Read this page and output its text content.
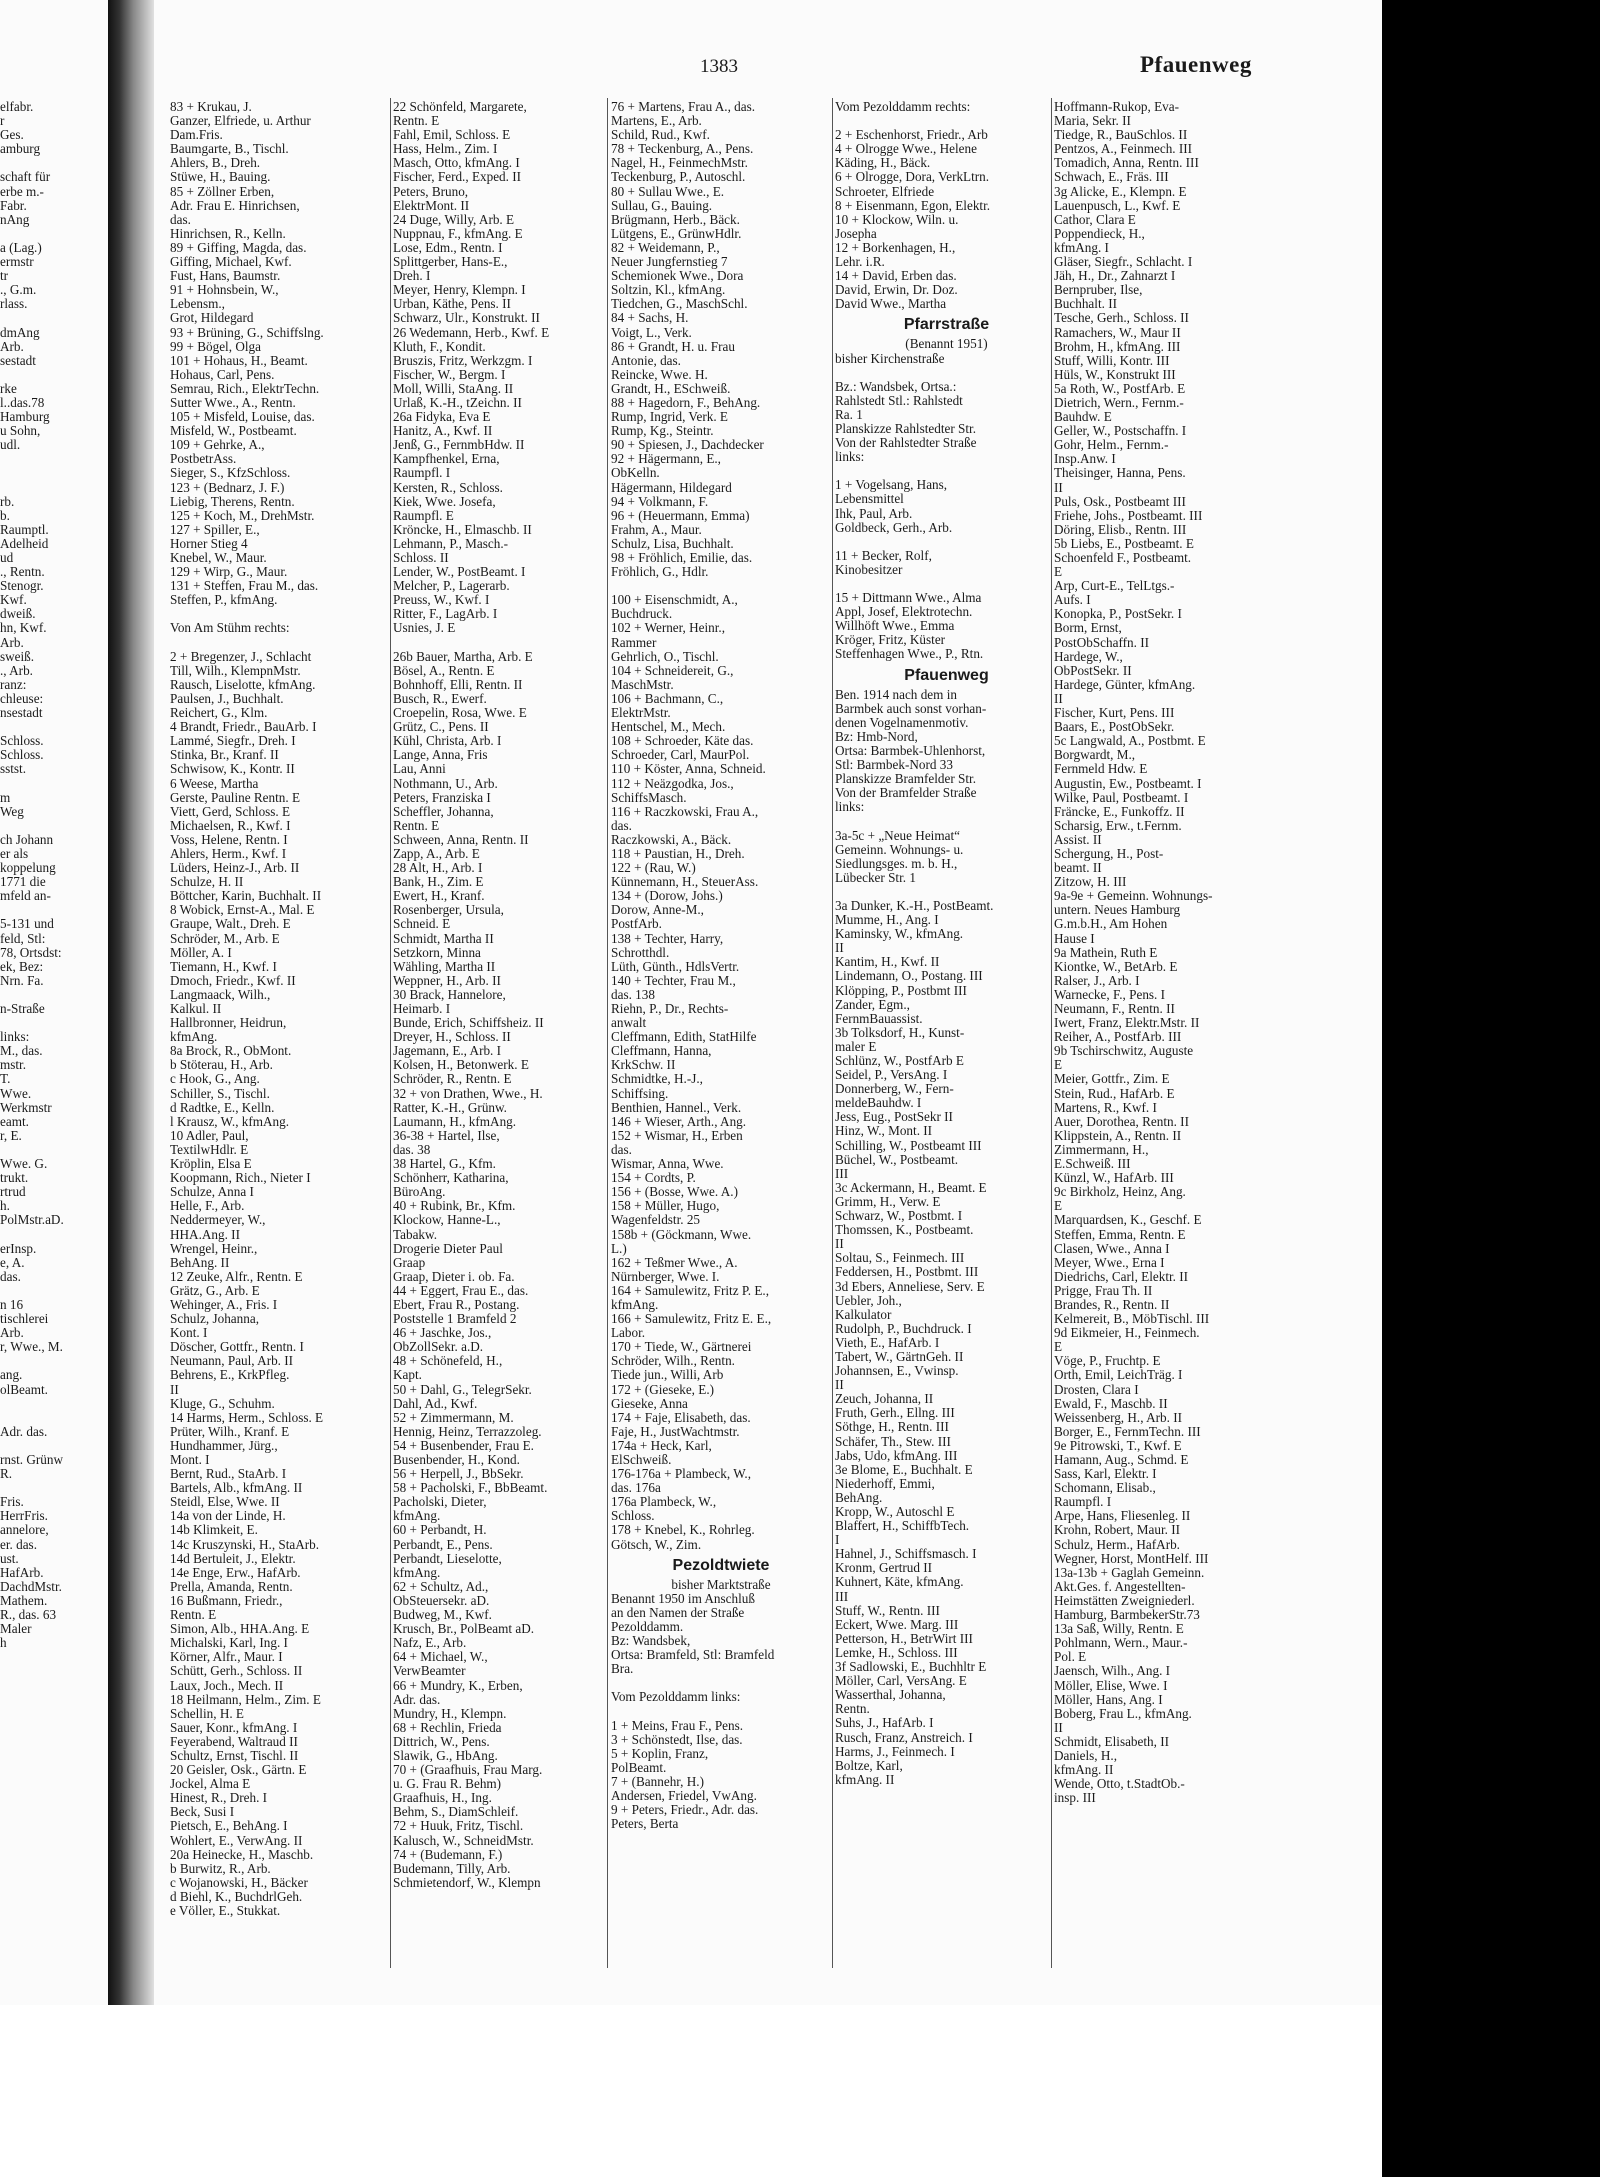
1383	Pfauenweg
elfabr.
r
Ges.
amburg

schaft für
erbe m.-
Fabr.
nAng

a (Lag.)
ermstr
tr
., G.m.
rlass.

dmAng
Arb.
sestadt

rke
l..das.78
Hamburg
u Sohn,
udl.

rb.
b.
Raumptl.
Adelheid
ud
., Rentn.
Stenogr.
Kwf.
dweiß.
hn, Kwf.
Arb.
sweiß.
., Arb.
ranz:
chleuse:
nsestadt

Schloss.
Schloss.
sstst.

m
Weg

ch Johann
er als
koppelung
1771 die
mfeld an-

5-131 und
feld, Stl:
78, Ortsdst:
ek, Bez:
Nrn. Fa.

n-Straße

links:
M., das.
mstr.
T.
Wwe.
Werkmstr
eamt.
r, E.

Wwe. G.
trukt.
rtrud
h.
PolMstr.aD.

erInsp.
e, A.
das.

n 16
tischlerei
Arb.
r, Wwe., M.

ang.
olBeamt.

Adr. das.

rnst. Grünw
R.

Fris.
HerrFris.
annelore,
er. das.
ust.
HafArb.
DachdMstr.
Mathem.
R., das. 63
Maler
h
83 + Krukau, J.
Ganzer, Elfriede, u. Arthur
Dam.Fris.
Baumgarte, B., Tischl.
Ahlers, B., Dreh.
Stüwe, H., Bauing.
85 + Zöllner Erben,
Adr. Frau E. Hinrichsen,
das.
Hinrichsen, R., Kelln.
89 + Giffing, Magda, das.
Giffing, Michael, Kwf.
Fust, Hans, Baumstr.
91 + Hohnsbein, W.,
Lebensm.,
Grot, Hildegard
93 + Brüning, G., Schiffslng.
99 + Bögel, Olga
101 + Hohaus, H., Beamt.
Hohaus, Carl, Pens.
Semrau, Rich., ElektrTechn.
Sutter Wwe., A., Rentn.
105 + Misfeld, Louise, das.
Misfeld, W., Postbeamt.
109 + Gehrke, A.,
PostbetrAss.
Sieger, S., KfzSchloss.
123 + (Bednarz, J. F.)
Liebig, Therens, Rentn.
125 + Koch, M., DrehMstr.
127 + Spiller, E.,
Horner Stieg 4
Knebel, W., Maur.
129 + Wirp, G., Maur.
131 + Steffen, Frau M., das.
Steffen, P., kfmAng.

Von Am Stühm rechts:

2 + Bregenzer, J., Schlacht
Till, Wilh., KlempnMstr.
Rausch, Liselotte, kfmAng.
Paulsen, J., Buchhalt.
Reichert, G., Klm.
4 Brandt, Friedr., BauArb. I
Lammé, Siegfr., Dreh. I
Stinka, Br., Kranf. II
Schwisow, K., Kontr. II
6 Weese, Martha
Gerste, Pauline Rentn. E
Viett, Gerd, Schloss. E
Michaelsen, R., Kwf. I
Voss, Helene, Rentn. I
Ahlers, Herm., Kwf. I
Lüders, Heinz-J., Arb. II
Schulze, H. II
Böttcher, Karin, Buchhalt. II
8 Wobick, Ernst-A., Mal. E
Graupe, Walt., Dreh. E
Schröder, M., Arb. E
Möller, A. I
Tiemann, H., Kwf. I
Dmoch, Friedr., Kwf. II
Langmaack, Wilh.,
Kalkul. II
Hallbronner, Heidrun,
kfmAng.
8a Brock, R., ObMont.
b Stöterau, H., Arb.
c Hook, G., Ang.
Schiller, S., Tischl.
d Radtke, E., Kelln.
l Krausz, W., kfmAng.
10 Adler, Paul,
TextilwHdlr. E
Kröplin, Elsa E
Koopmann, Rich., Nieter I
Schulze, Anna I
Helle, F., Arb.
Neddermeyer, W.,
HHA.Ang. II
Wrengel, Heinr.,
BehAng. II
12 Zeuke, Alfr., Rentn. E
Grätz, G., Arb. E
Wehinger, A., Fris. I
Schulz, Johanna,
Kont. I
Döscher, Gottfr., Rentn. I
Neumann, Paul, Arb. II
Behrens, E., KrkPfleg.
II
Kluge, G., Schuhm.
14 Harms, Herm., Schloss. E
Prüter, Wilh., Kranf. E
Hundhammer, Jürg.,
Mont. I
Bernt, Rud., StaArb. I
Bartels, Alb., kfmAng. II
Steidl, Else, Wwe. II
14a von der Linde, H.
14b Klimkeit, E.
14c Kruszynski, H., StaArb.
14d Bertuleit, J., Elektr.
14e Enge, Erw., HafArb.
Prella, Amanda, Rentn.
16 Bußmann, Friedr.,
Rentn. E
Simon, Alb., HHA.Ang. E
Michalski, Karl, Ing. I
Körner, Alfr., Maur. I
Schütt, Gerh., Schloss. II
Laux, Joch., Mech. II
18 Heilmann, Helm., Zim. E
Schellin, H. E
Sauer, Konr., kfmAng. I
Feyerabend, Waltraud II
Schultz, Ernst, Tischl. II
20 Geisler, Osk., Gärtn. E
Jockel, Alma E
Hinest, R., Dreh. I
Beck, Susi I
Pietsch, E., BehAng. I
Wohlert, E., VerwAng. II
20a Heinecke, H., Maschb.
b Burwitz, R., Arb.
c Wojanowski, H., Bäcker
d Biehl, K., BuchdrlGeh.
e Völler, E., Stukkat.
22 Schönfeld, Margarete,
Rentn. E
Fahl, Emil, Schloss. E
Hass, Helm., Zim. I
Masch, Otto, kfmAng. I
Fischer, Ferd., Exped. II
Peters, Bruno,
ElektrMont. II
24 Duge, Willy, Arb. E
Nuppnau, F., kfmAng. E
Lose, Edm., Rentn. I
Splittgerber, Hans-E.,
Dreh. I
Meyer, Henry, Klempn. I
Urban, Käthe, Pens. II
Schwarz, Ulr., Konstrukt. II
26 Wedemann, Herb., Kwf. E
Kluth, F., Kondit.
Bruszis, Fritz, Werkzgm. I
Fischer, W., Bergm. I
Moll, Willi, StaAng. II
Urlaß, K.-H., tZeichn. II
26a Fidyka, Eva E
Hanitz, A., Kwf. II
Jenß, G., FernmbHdw. II
Kampfhenkel, Erna,
Raumpfl. I
Kersten, R., Schloss.
Kiek, Wwe. Josefa,
Raumpfl. E
Kröncke, H., Elmaschb. II
Lehmann, P., Masch.-
Schloss. II
Lender, W., PostBeamt. I
Melcher, P., Lagerarb.
Preuss, W., Kwf. I
Ritter, F., LagArb. I
Usnies, J. E

26b Bauer, Martha, Arb. E
Bösel, A., Rentn. E
Bohnhoff, Elli, Rentn. II
Busch, R., Ewerf.
Croepelin, Rosa, Wwe. E
Grütz, C., Pens. II
Kühl, Christa, Arb. I
Lange, Anna, Fris
Lau, Anni
Nothmann, U., Arb.
Peters, Franziska I
Scheffler, Johanna,
Rentn. E
Schween, Anna, Rentn. II
Zapp, A., Arb. E
28 Alt, H., Arb. I
Bank, H., Zim. E
Ewert, H., Kranf.
Rosenberger, Ursula,
Schneid. E
Schmidt, Martha II
Setzkorn, Minna
Wähling, Martha II
Weppner, H., Arb. II
30 Brack, Hannelore,
Heimarb. I
Bunde, Erich, Schiffsheiz. II
Dreyer, H., Schloss. II
Jagemann, E., Arb. I
Kolsen, H., Betonwerk. E
Schröder, R., Rentn. E
32 + von Drathen, Wwe., H.
Ratter, K.-H., Grünw.
Laumann, H., kfmAng.
36-38 + Hartel, Ilse,
das. 38
38 Hartel, G., Kfm.
Schönherr, Katharina,
BüroAng.
40 + Rubink, Br., Kfm.
Klockow, Hanne-L.,
Tabakw.
Drogerie Dieter Paul
Graap
Graap, Dieter i. ob. Fa.
44 + Eggert, Frau E., das.
Ebert, Frau R., Postang.
Poststelle 1 Bramfeld 2
46 + Jaschke, Jos.,
ObZollSekr. a.D.
48 + Schönefeld, H.,
Kapt.
50 + Dahl, G., TelegrSekr.
Dahl, Ad., Kwf.
52 + Zimmermann, M.
Hennig, Heinz, Terrazzoleg.
54 + Busenbender, Frau E.
Busenbender, H., Kond.
56 + Herpell, J., BbSekr.
58 + Pacholski, F., BbBeamt.
Pacholski, Dieter,
kfmAng.
60 + Perbandt, H.
Perbandt, E., Pens.
Perbandt, Lieselotte,
kfmAng.
62 + Schultz, Ad.,
ObSteuersekr. aD.
Budweg, M., Kwf.
Krusch, Br., PolBeamt aD.
Nafz, E., Arb.
64 + Michael, W.,
VerwBeamter
66 + Mundry, K., Erben,
Adr. das.
Mundry, H., Klempn.
68 + Rechlin, Frieda
Dittrich, W., Pens.
Slawik, G., HbAng.
70 + (Graafhuis, Frau Marg.
u. G. Frau R. Behm)
Graafhuis, H., Ing.
Behm, S., DiamSchleif.
72 + Huuk, Fritz, Tischl.
Kalusch, W., SchneidMstr.
74 + (Budemann, F.)
Budemann, Tilly, Arb.
Schmietendorf, W., Klempn
76 + Martens, Frau A., das.
Martens, E., Arb.
Schild, Rud., Kwf.
78 + Teckenburg, A., Pens.
Nagel, H., FeinmechMstr.
Teckenburg, P., Autoschl.
80 + Sullau Wwe., E.
Sullau, G., Bauing.
Brügmann, Herb., Bäck.
Lütgens, E., GrünwHdlr.
82 + Weidemann, P.,
Neuer Jungfernstieg 7
Schemionek Wwe., Dora
Soltzin, Kl., kfmAng.
Tiedchen, G., MaschSchl.
84 + Sachs, H.
Voigt, L., Verk.
86 + Grandt, H. u. Frau
Antonie, das.
Reincke, Wwe. H.
Grandt, H., ESchweiß.
88 + Hagedorn, F., BehAng.
Rump, Ingrid, Verk. E
Rump, Kg., Steintr.
90 + Spiesen, J., Dachdecker
92 + Hägermann, E.,
ObKelln.
Hägermann, Hildegard
94 + Volkmann, F.
96 + (Heuermann, Emma)
Frahm, A., Maur.
Schulz, Lisa, Buchhalt.
98 + Fröhlich, Emilie, das.
Fröhlich, G., Hdlr.

100 + Eisenschmidt, A.,
Buchdruck.
102 + Werner, Heinr.,
Rammer
Gehrlich, O., Tischl.
104 + Schneidereit, G.,
MaschMstr.
106 + Bachmann, C.,
ElektrMstr.
Hentschel, M., Mech.
108 + Schroeder, Käte das.
Schroeder, Carl, MaurPol.
110 + Köster, Anna, Schneid.
112 + Neäzgodka, Jos.,
SchiffsMasch.
116 + Raczkowski, Frau A.,
das.
Raczkowski, A., Bäck.
118 + Paustian, H., Dreh.
122 + (Rau, W.)
Künnemann, H., SteuerAss.
134 + (Dorow, Johs.)
Dorow, Anne-M.,
PostfArb.
138 + Techter, Harry,
Schrotthdl.
Lüth, Günth., HdlsVertr.
140 + Techter, Frau M.,
das. 138
Riehn, P., Dr., Rechts-
anwalt
Cleffmann, Edith, StatHilfe
Cleffmann, Hanna,
KrkSchw. II
Schmidtke, H.-J.,
Schiffsing.
Benthien, Hannel., Verk.
146 + Wieser, Arth., Ang.
152 + Wismar, H., Erben
das.
Wismar, Anna, Wwe.
154 + Cordts, P.
156 + (Bosse, Wwe. A.)
158 + Müller, Hugo,
Wagenfeldstr. 25
158b + (Göckmann, Wwe.
L.)
162 + Teßmer Wwe., A.
Nürnberger, Wwe. I.
164 + Samulewitz, Fritz P. E.,
kfmAng.
166 + Samulewitz, Fritz E. E.,
Labor.
170 + Tiede, W., Gärtnerei
Schröder, Wilh., Rentn.
Tiede jun., Willi, Arb
172 + (Gieseke, E.)
Gieseke, Anna
174 + Faje, Elisabeth, das.
Faje, H., JustWachtmstr.
174a + Heck, Karl,
ElSchweiß.
176-176a + Plambeck, W.,
das. 176a
176a Plambeck, W.,
Schloss.
178 + Knebel, K., Rohrleg.
Götsch, W., Zim.
Pezoldtwiete
bisher Marktstraße
Benannt 1950 im Anschluß
an den Namen der Straße
Pezolddamm.
Bz: Wandsbek,
Ortsa: Bramfeld, Stl: Bramfeld
Bra.

Vom Pezolddamm links:

1 + Meins, Frau F., Pens.
3 + Schönstedt, Ilse, das.
5 + Koplin, Franz,
PolBeamt.
7 + (Bannehr, H.)
Andersen, Friedel, VwAng.
9 + Peters, Friedr., Adr. das.
Peters, Berta
Vom Pezolddamm rechts:

2 + Eschenhorst, Friedr., Arb
4 + Olrogge Wwe., Helene
Käding, H., Bäck.
6 + Olrogge, Dora, VerkLtrn.
Schroeter, Elfriede
8 + Eisenmann, Egon, Elektr.
10 + Klockow, Wiln. u.
Josepha
12 + Borkenhagen, H.,
Lehr. i.R.
14 + David, Erben das.
David, Erwin, Dr. Doz.
David Wwe., Martha
Pfarrstraße
(Benannt 1951)
bisher Kirchenstraße

Bz.: Wandsbek, Ortsa.:
Rahlstedt Stl.: Rahlstedt
Ra. 1
Planskizze Rahlstedter Str.
Von der Rahlstedter Straße
links:

1 + Vogelsang, Hans,
Lebensmittel
Ihk, Paul, Arb.
Goldbeck, Gerh., Arb.

11 + Becker, Rolf,
Kinobesitzer

15 + Dittmann Wwe., Alma
Appl, Josef, Elektrotechn.
Willhöft Wwe., Emma
Kröger, Fritz, Küster
Steffenhagen Wwe., P., Rtn.
Pfauenweg
Ben. 1914 nach dem in
Barmbek auch sonst vorhan-
denen Vogelnamenmotiv.
Bz: Hmb-Nord,
Ortsa: Barmbek-Uhlenhorst,
Stl: Barmbek-Nord 33
Planskizze Bramfelder Str.
Von der Bramfelder Straße
links:

3a-5c + „Neue Heimat“
Gemeinn. Wohnungs- u.
Siedlungsges. m. b. H.,
Lübecker Str. 1

3a Dunker, K.-H., PostBeamt.
Mumme, H., Ang. I
Kaminsky, W., kfmAng.
II
Kantim, H., Kwf. II
Lindemann, O., Postang. III
Klöpping, P., Postbmt III
Zander, Egm.,
FernmBauassist.
3b Tolksdorf, H., Kunst-
maler E
Schlünz, W., PostfArb E
Seidel, P., VersAng. I
Donnerberg, W., Fern-
meldeBauhdw. I
Jess, Eug., PostSekr II
Hinz, W., Mont. II
Schilling, W., Postbeamt III
Büchel, W., Postbeamt.
III
3c Ackermann, H., Beamt. E
Grimm, H., Verw. E
Schwarz, W., Postbmt. I
Thomssen, K., Postbeamt.
II
Soltau, S., Feinmech. III
Feddersen, H., Postbmt. III
3d Ebers, Anneliese, Serv. E
Uebler, Joh.,
Kalkulator
Rudolph, P., Buchdruck. I
Vieth, E., HafArb. I
Tabert, W., GärtnGeh. II
Johannsen, E., Vwinsp.
II
Zeuch, Johanna, II
Fruth, Gerh., Ellng. III
Söthge, H., Rentn. III
Schäfer, Th., Stew. III
Jabs, Udo, kfmAng. III
3e Blome, E., Buchhalt. E
Niederhoff, Emmi,
BehAng.
Kropp, W., Autoschl E
Blaffert, H., SchiffbTech.
I
Hahnel, J., Schiffsmasch. I
Kronm, Gertrud II
Kuhnert, Käte, kfmAng.
III
Stuff, W., Rentn. III
Eckert, Wwe. Marg. III
Petterson, H., BetrWirt III
Lemke, H., Schloss. III
3f Sadlowski, E., Buchhltr E
Möller, Carl, VersAng. E
Wasserthal, Johanna,
Rentn.
Suhs, J., HafArb. I
Rusch, Franz, Anstreich. I
Harms, J., Feinmech. I
Boltze, Karl,
kfmAng. II
Hoffmann-Rukop, Eva-
Maria, Sekr. II
Tiedge, R., BauSchlos. II
Pentzos, A., Feinmech. III
Tomadich, Anna, Rentn. III
Schwach, E., Fräs. III
3g Alicke, E., Klempn. E
Lauenpusch, L., Kwf. E
Cathor, Clara E
Poppendieck, H.,
kfmAng. I
Gläser, Siegfr., Schlacht. I
Jäh, H., Dr., Zahnarzt I
Bernpruber, Ilse,
Buchhalt. II
Tesche, Gerh., Schloss. II
Ramachers, W., Maur II
Brohm, H., kfmAng. III
Stuff, Willi, Kontr. III
Hüls, W., Konstrukt III
5a Roth, W., PostfArb. E
Dietrich, Wern., Fernm.-
Bauhdw. E
Geller, W., Postschaffn. I
Gohr, Helm., Fernm.-
Insp.Anw. I
Theisinger, Hanna, Pens.
II
Puls, Osk., Postbeamt III
Friehe, Johs., Postbeamt. III
Döring, Elisb., Rentn. III
5b Liebs, E., Postbeamt. E
Schoenfeld F., Postbeamt.
E
Arp, Curt-E., TelLtgs.-
Aufs. I
Konopka, P., PostSekr. I
Borm, Ernst,
PostObSchaffn. II
Hardege, W.,
ObPostSekr. II
Hardege, Günter, kfmAng.
II
Fischer, Kurt, Pens. III
Baars, E., PostObSekr.
5c Langwald, A., Postbmt. E
Borgwardt, M.,
Fernmeld Hdw. E
Augustin, Ew., Postbeamt. I
Wilke, Paul, Postbeamt. I
Fräncke, E., Funkoffz. II
Scharsig, Erw., t.Fernm.
Assist. II
Schergung, H., Post-
beamt. II
Zitzow, H. III
9a-9e + Gemeinn. Wohnungs-
untern. Neues Hamburg
G.m.b.H., Am Hohen
Hause I
9a Mathein, Ruth E
Kiontke, W., BetArb. E
Ralser, J., Arb. I
Warnecke, F., Pens. I
Neumann, F., Rentn. II
Iwert, Franz, Elektr.Mstr. II
Reiher, A., PostfArb. III
9b Tschirschwitz, Auguste
E
Meier, Gottfr., Zim. E
Stein, Rud., HafArb. E
Martens, R., Kwf. I
Auer, Dorothea, Rentn. II
Klippstein, A., Rentn. II
Zimmermann, H.,
E.Schweiß. III
Künzl, W., HafArb. III
9c Birkholz, Heinz, Ang.
E
Marquardsen, K., Geschf. E
Steffen, Emma, Rentn. E
Clasen, Wwe., Anna I
Meyer, Wwe., Erna I
Diedrichs, Carl, Elektr. II
Prigge, Frau Th. II
Brandes, R., Rentn. II
Kelmereit, B., MöbTischl. III
9d Eikmeier, H., Feinmech.
E
Vöge, P., Fruchtp. E
Orth, Emil, LeichTräg. I
Drosten, Clara I
Ewald, F., Maschb. II
Weissenberg, H., Arb. II
Borger, E., FernmTechn. III
9e Pitrowski, T., Kwf. E
Hamann, Aug., Schmd. E
Sass, Karl, Elektr. I
Schomann, Elisab.,
Raumpfl. I
Arpe, Hans, Fliesenleg. II
Krohn, Robert, Maur. II
Schulz, Herm., HafArb.
Wegner, Horst, MontHelf. III
13a-13b + Gaglah Gemeinn.
Akt.Ges. f. Angestellten-
Heimstätten Zweigniederl.
Hamburg, BarmbekerStr.73
13a Saß, Willy, Rentn. E
Pohlmann, Wern., Maur.-
Pol. E
Jaensch, Wilh., Ang. I
Möller, Elise, Wwe. I
Möller, Hans, Ang. I
Boberg, Frau L., kfmAng.
II
Schmidt, Elisabeth, II
Daniels, H.,
kfmAng. II
Wende, Otto, t.StadtOb.-
insp. III
